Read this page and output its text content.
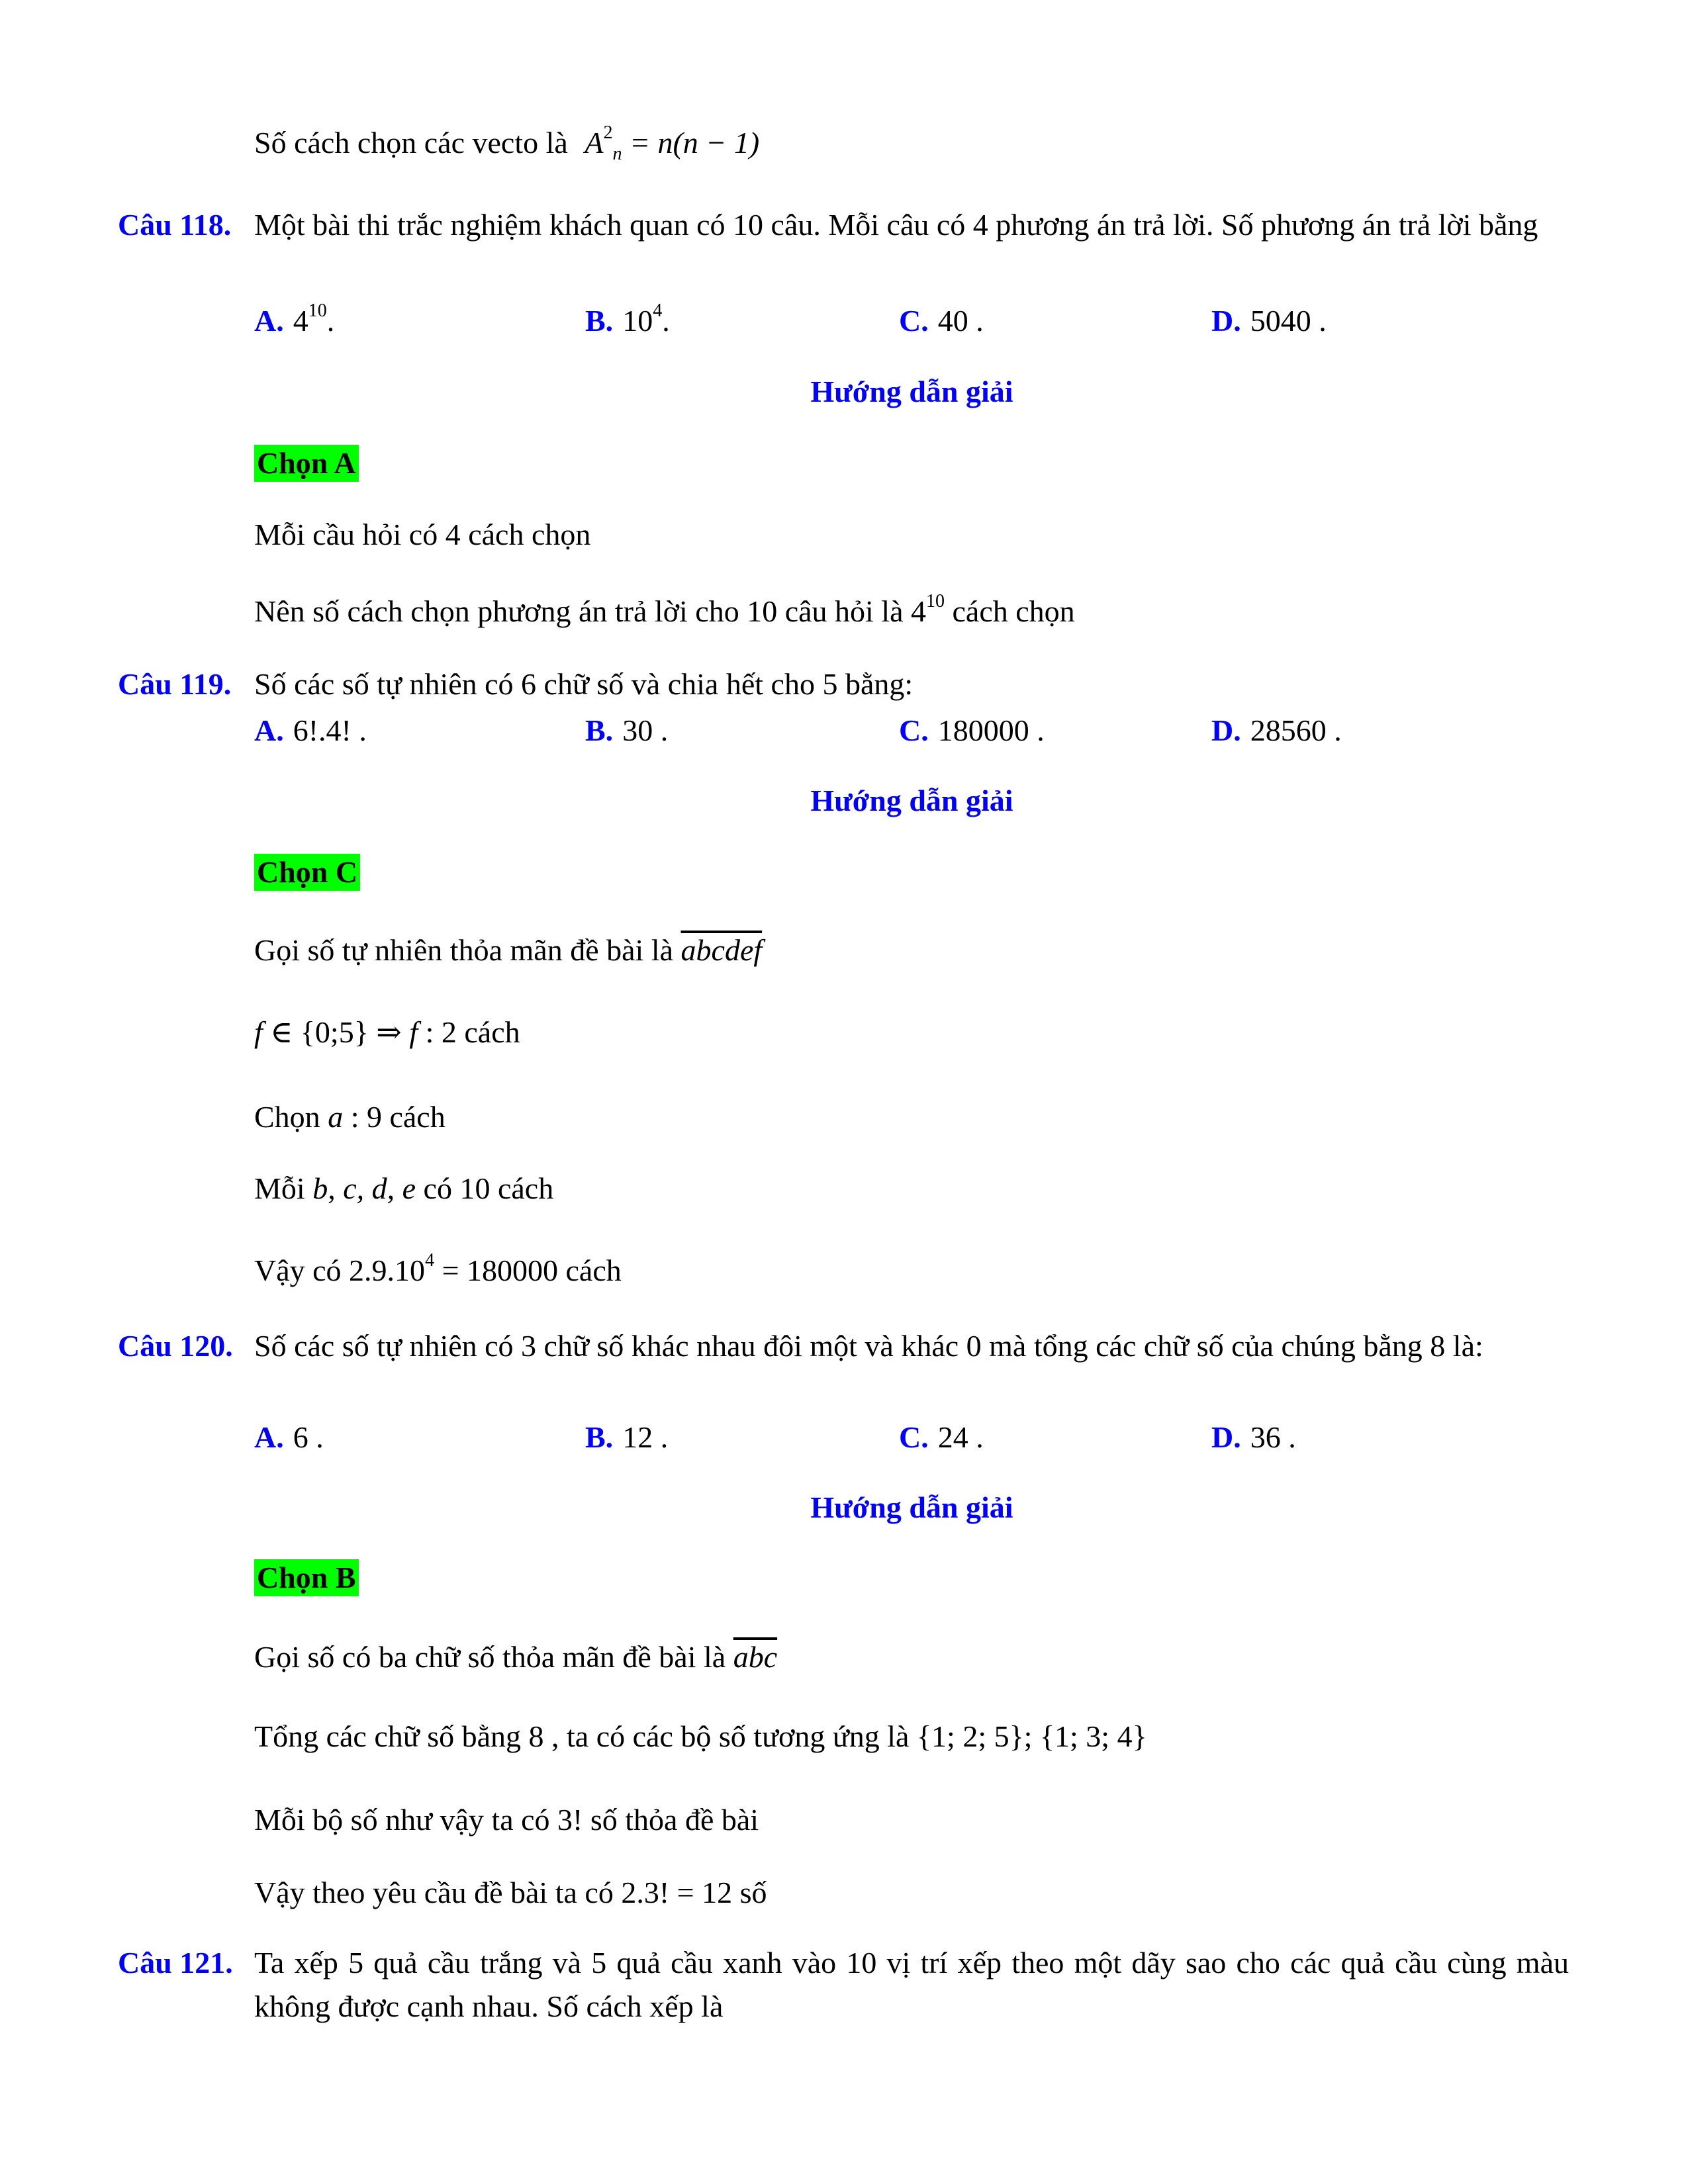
Số cách chọn các vecto là $A^2_n = n(n - 1)$
Câu 118. Một bài thi trắc nghiệm khách quan có 10 câu. Mỗi câu có 4 phương án trả lời. Số phương án trả lời bằng
A. $4^{10}$.	B. $10^4$.	C. 40 .	D. 5040 .
Hướng dẫn giải
Chọn A
Mỗi cầu hỏi có 4 cách chọn
Nên số cách chọn phương án trả lời cho 10 câu hỏi là $4^{10}$ cách chọn
Câu 119. Số các số tự nhiên có 6 chữ số và chia hết cho 5 bằng:
A. 6!.4! .	B. 30 .	C. 180000 .	D. 28560 .
Hướng dẫn giải
Chọn C
Gọi số tự nhiên thỏa mãn đề bài là abcdef
f ∈ {0;5} ⇒ f : 2 cách
Chọn a : 9 cách
Mỗi b, c, d, e có 10 cách
Vậy có $2.9.10^4 = 180000$ cách
Câu 120. Số các số tự nhiên có 3 chữ số khác nhau đôi một và khác 0 mà tổng các chữ số của chúng bằng 8 là:
A. 6 .	B. 12 .	C. 24 .	D. 36 .
Hướng dẫn giải
Chọn B
Gọi số có ba chữ số thỏa mãn đề bài là $\overline{abc}$
Tổng các chữ số bằng 8 , ta có các bộ số tương ứng là {1; 2; 5}; {1; 3; 4}
Mỗi bộ số như vậy ta có 3! số thỏa đề bài
Vậy theo yêu cầu đề bài ta có 2.3! = 12 số
Câu 121. Ta xếp 5 quả cầu trắng và 5 quả cầu xanh vào 10 vị trí xếp theo một dãy sao cho các quả cầu cùng màu không được cạnh nhau. Số cách xếp là
